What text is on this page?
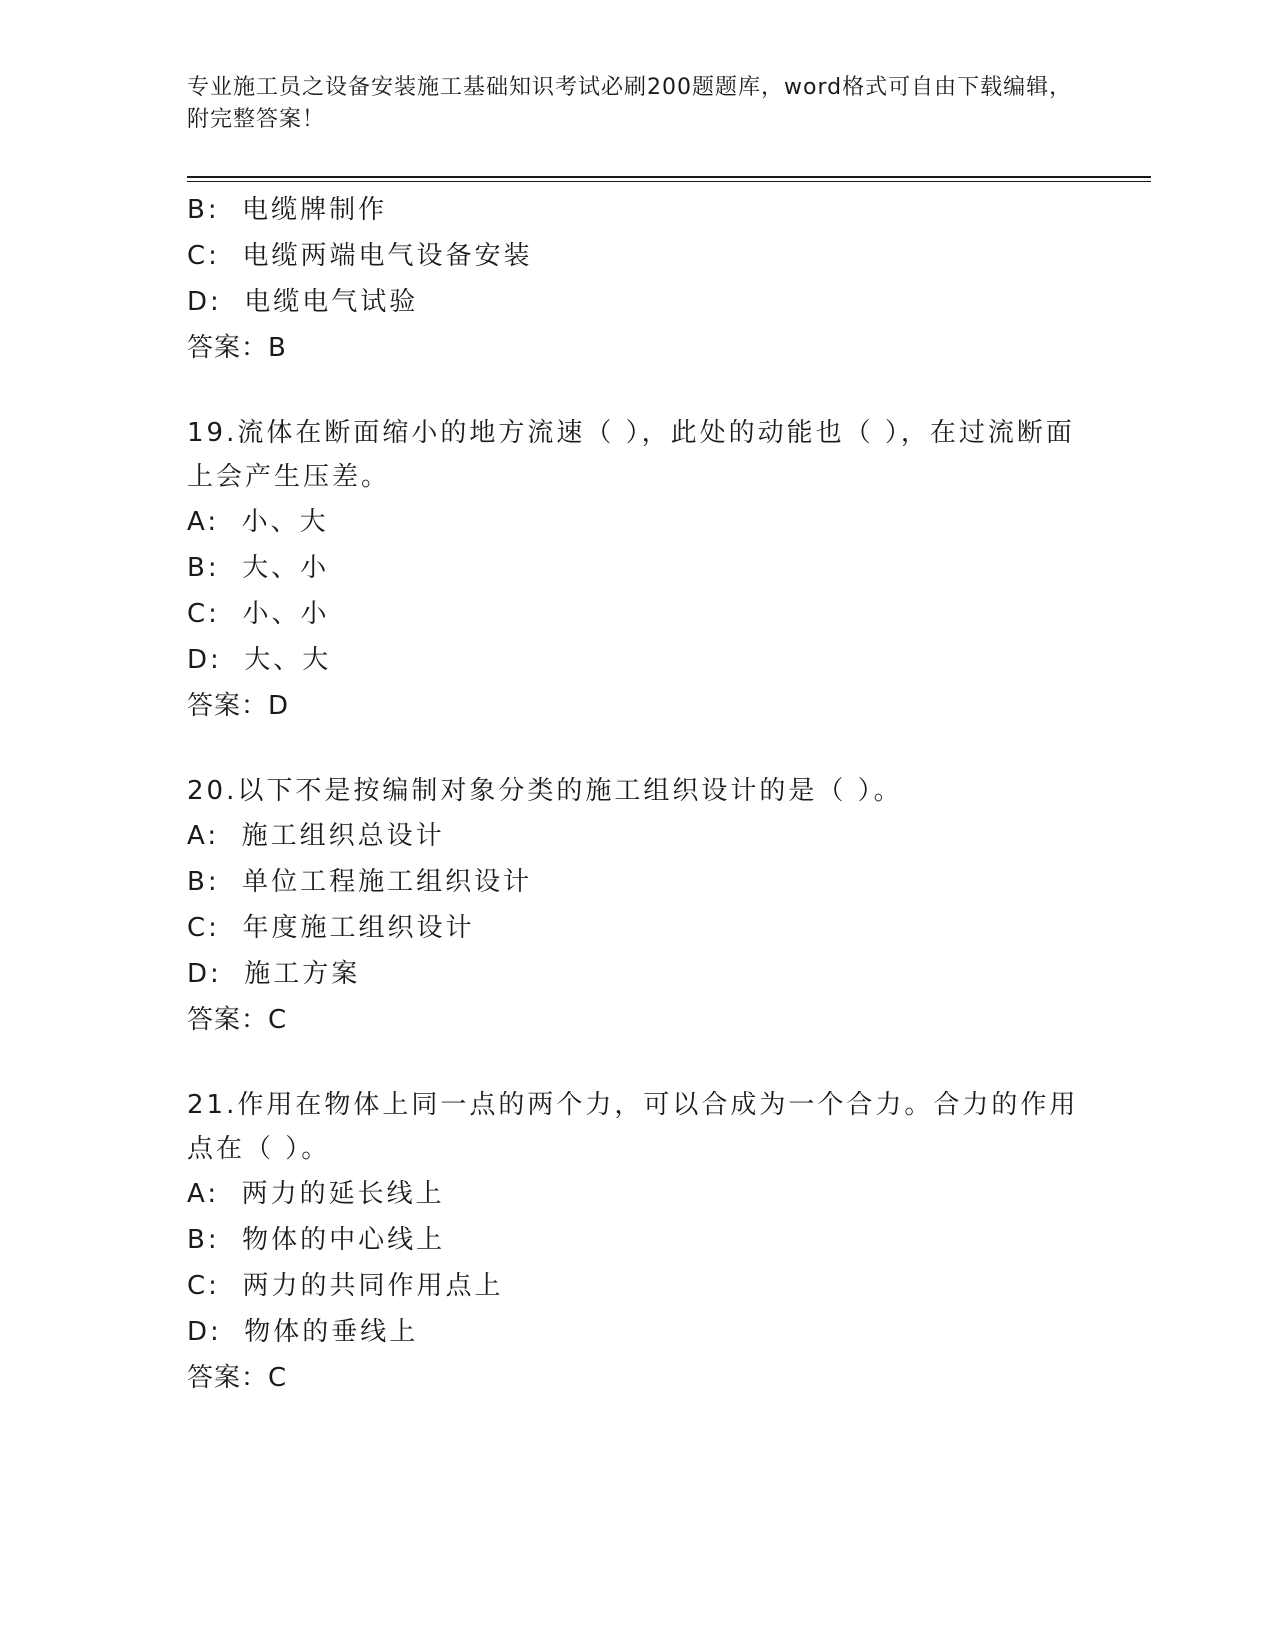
专业施工员之设备安装施工基础知识考试必刷200题题库，word格式可自由下载编辑，附完整答案！
B:  电缆牌制作
C:  电缆两端电气设备安装
D:  电缆电气试验
答案：B
19.流体在断面缩小的地方流速（ ），此处的动能也（ ），在过流断面上会产生压差。
A:  小、大
B:  大、小
C:  小、小
D:  大、大
答案：D
20.以下不是按编制对象分类的施工组织设计的是（ ）。
A:  施工组织总设计
B:  单位工程施工组织设计
C:  年度施工组织设计
D:  施工方案
答案：C
21.作用在物体上同一点的两个力，可以合成为一个合力。合力的作用点在（ ）。
A:  两力的延长线上
B:  物体的中心线上
C:  两力的共同作用点上
D:  物体的垂线上
答案：C
